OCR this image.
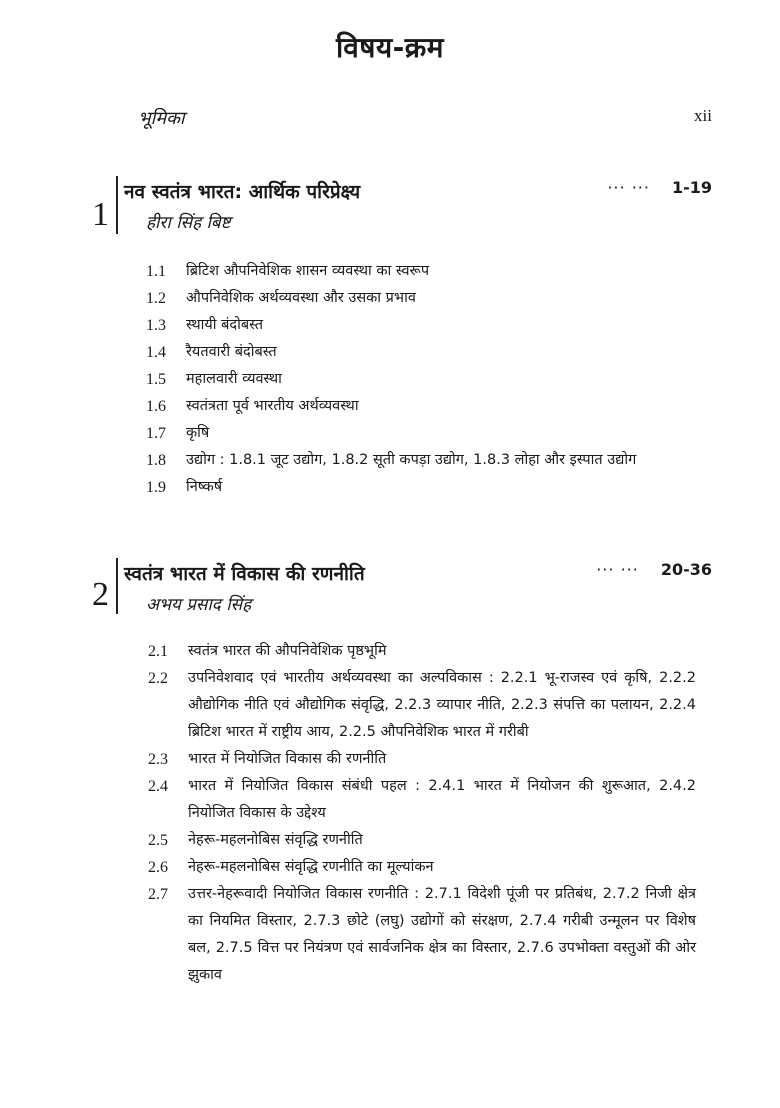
विषय-क्रम
भूमिका	xii
1
नव स्वतंत्र भारत: आर्थिक परिप्रेक्ष्य
हीरा सिंह बिष्ट
··· ··· 1-19
1.1	ब्रिटिश औपनिवेशिक शासन व्यवस्था का स्वरूप
1.2	औपनिवेशिक अर्थव्यवस्था और उसका प्रभाव
1.3	स्थायी बंदोबस्त
1.4	रैयतवारी बंदोबस्त
1.5	महालवारी व्यवस्था
1.6	स्वतंत्रता पूर्व भारतीय अर्थव्यवस्था
1.7	कृषि
1.8	उद्योग : 1.8.1 जूट उद्योग, 1.8.2 सूती कपड़ा उद्योग, 1.8.3 लोहा और इस्पात उद्योग
1.9	निष्कर्ष
2
स्वतंत्र भारत में विकास की रणनीति
अभय प्रसाद सिंह
··· ··· 20-36
2.1	स्वतंत्र भारत की औपनिवेशिक पृष्ठभूमि
2.2	उपनिवेशवाद एवं भारतीय अर्थव्यवस्था का अल्पविकास : 2.2.1 भू-राजस्व एवं कृषि, 2.2.2 औद्योगिक नीति एवं औद्योगिक संवृद्धि, 2.2.3 व्यापार नीति, 2.2.3 संपत्ति का पलायन, 2.2.4 ब्रिटिश भारत में राष्ट्रीय आय, 2.2.5 औपनिवेशिक भारत में गरीबी
2.3	भारत में नियोजित विकास की रणनीति
2.4	भारत में नियोजित विकास संबंधी पहल : 2.4.1 भारत में नियोजन की शुरूआत, 2.4.2 नियोजित विकास के उद्देश्य
2.5	नेहरू-महलनोबिस संवृद्धि रणनीति
2.6	नेहरू-महलनोबिस संवृद्धि रणनीति का मूल्यांकन
2.7	उत्तर-नेहरूवादी नियोजित विकास रणनीति : 2.7.1 विदेशी पूंजी पर प्रतिबंध, 2.7.2 निजी क्षेत्र का नियमित विस्तार, 2.7.3 छोटे (लघु) उद्योगों को संरक्षण, 2.7.4 गरीबी उन्मूलन पर विशेष बल, 2.7.5 वित्त पर नियंत्रण एवं सार्वजनिक क्षेत्र का विस्तार, 2.7.6 उपभोक्ता वस्तुओं की ओर झुकाव
